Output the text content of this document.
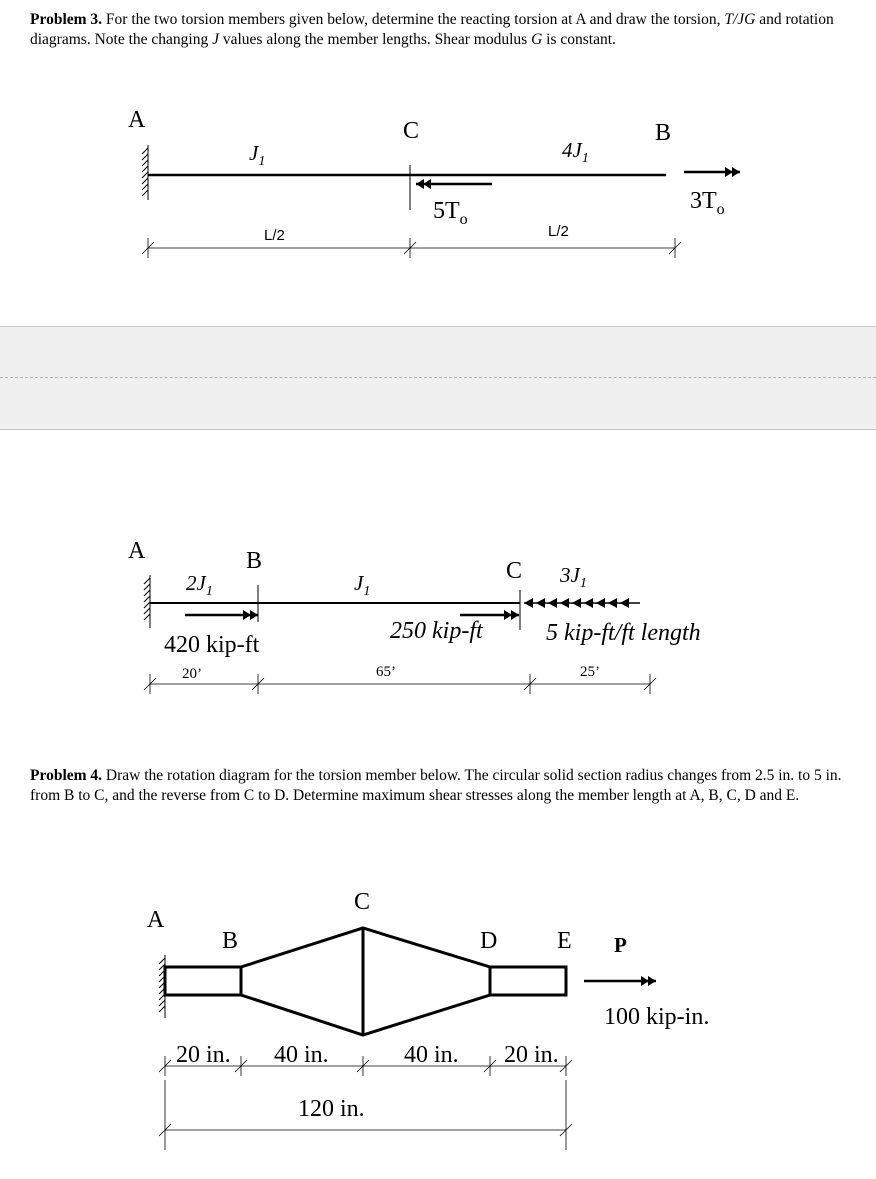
Problem 3. For the two torsion members given below, determine the reacting torsion at A and draw the torsion, T/JG and rotation diagrams. Note the changing J values along the member lengths. Shear modulus G is constant.

A	C	B
$J_1$	$4J_1$
$5T_o$
$3T_o$
L/2	L/2
A	B	C
$2J_1$	$J_1$
$3J_1$
420 kip-ft
250 kip-ft	5 kip-ft/ft length
20’	65’	25’

Problem 4. Draw the rotation diagram for the torsion member below. The circular solid section radius changes from 2.5 in. to 5 in. from B to C, and the reverse from C to D. Determine maximum shear stresses along the member length at A, B, C, D and E.

A
B
C
D E P
100 kip-in.
20 in. 40 in.	40 in. 20 in.
120 in.
